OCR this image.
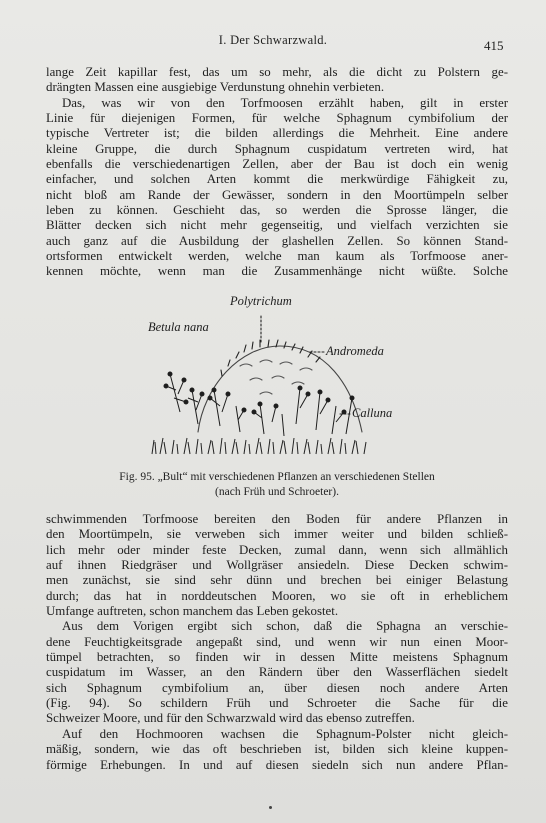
I. Der Schwarzwald.	415
lange Zeit kapillar fest, das um so mehr, als die dicht zu Polstern ge-
drängten Massen eine ausgiebige Verdunstung ohnehin verbieten.
Das, was wir von den Torfmoosen erzählt haben, gilt in erster
Linie für diejenigen Formen, für welche Sphagnum cymbifolium der
typische Vertreter ist; die bilden allerdings die Mehrheit. Eine andere
kleine Gruppe, die durch Sphagnum cuspidatum vertreten wird, hat
ebenfalls die verschiedenartigen Zellen, aber der Bau ist doch ein wenig
einfacher, und solchen Arten kommt die merkwürdige Fähigkeit zu,
nicht bloß am Rande der Gewässer, sondern in den Moortümpeln selber
leben zu können. Geschieht das, so werden die Sprosse länger, die
Blätter decken sich nicht mehr gegenseitig, und vielfach verzichten sie
auch ganz auf die Ausbildung der glashellen Zellen. So können Stand-
ortsformen entwickelt werden, welche man kaum als Torfmoose aner-
kennen möchte, wenn man die Zusammenhänge nicht wüßte. Solche
Polytrichum
Betula nana
Andromeda
Calluna
Fig. 95. „Bult“ mit verschiedenen Pflanzen an verschiedenen Stellen
(nach Früh und Schroeter).
schwimmenden Torfmoose bereiten den Boden für andere Pflanzen in
den Moortümpeln, sie verweben sich immer weiter und bilden schließ-
lich mehr oder minder feste Decken, zumal dann, wenn sich allmählich
auf ihnen Riedgräser und Wollgräser ansiedeln. Diese Decken schwim-
men zunächst, sie sind sehr dünn und brechen bei einiger Belastung
durch; das hat in norddeutschen Mooren, wo sie oft in erheblichem
Umfange auftreten, schon manchem das Leben gekostet.
Aus dem Vorigen ergibt sich schon, daß die Sphagna an verschie-
dene Feuchtigkeitsgrade angepaßt sind, und wenn wir nun einen Moor-
tümpel betrachten, so finden wir in dessen Mitte meistens Sphagnum
cuspidatum im Wasser, an den Rändern über den Wasserflächen siedelt
sich Sphagnum cymbifolium an, über diesen noch andere Arten
(Fig. 94). So schildern Früh und Schroeter die Sache für die
Schweizer Moore, und für den Schwarzwald wird das ebenso zutreffen.
Auf den Hochmooren wachsen die Sphagnum-Polster nicht gleich-
mäßig, sondern, wie das oft beschrieben ist, bilden sich kleine kuppen-
förmige Erhebungen. In und auf diesen siedeln sich nun andere Pflan-
